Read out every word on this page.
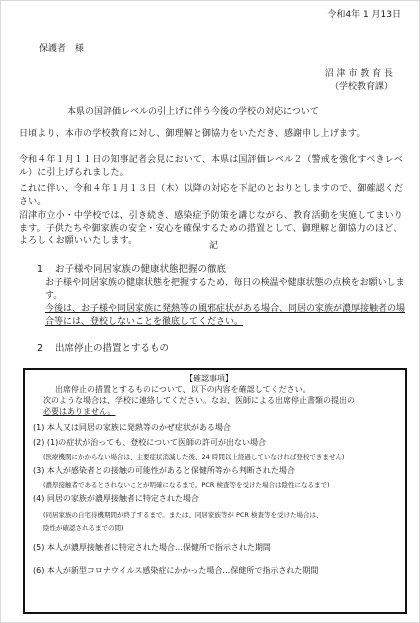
令和4年 1 月13日
保護者　様
沼 津 市 教 育 長
（学校教育課）
本県の国評価レベルの引上げに伴う今後の学校の対応について
日頃より、本市の学校教育に対し、御理解と御協力をいただき、感謝申し上げます。
令和４年１月１１日の知事記者会見において、本県は国評価レベル２（警戒を強化すべきレベル）に引上げられました。
これに伴い、令和４年１月１３日（木）以降の対応を下記のとおりとしますので、御確認ください。
沼津市立小・中学校では、引き続き、感染症予防策を講じながら、教育活動を実施してまいります。子供たちや御家族の安全・安心を確保するための措置として、御理解と御協力のほど、よろしくお願いいたします。	記
1 お子様や同居家族の健康状態把握の徹底
お子様や同居家族の健康状態を把握するため、毎日の検温や健康状態の点検をお願いします。
今後は、お子様や同居家族に発熱等の風邪症状がある場合、同居の家族が濃厚接触者の場合等には、登校しないことを徹底してください。
2 出席停止の措置とするもの
【確認事項】
出席停止の措置とするものについて、以下の内容を確認してください。
次のような場合は、学校に連絡してください。なお、医師による出席停止書類の提出の
必要はありません。
(1) 本人又は同居の家族に発熱等のかぜ症状がある場合
(2) (1)の症状が治っても、登校について医師の許可が出ない場合
(医療機関にかからない場合は、主要症状消滅した後、24 時間以上経過していなければ登校できません)
(3) 本人が感染者との接触の可能性があると保健所等から判断された場合
(濃厚接触者であるとされないことが明確になるまで。PCR 検査等を受けた場合は陰性になるまで)
(4) 同居の家族が濃厚接触者に特定された場合
(同居家族の自宅待機期間が終了するまで。または、同居家族等が PCR 検査等を受けた場合は、
陰性が確認されるまでの間)
(5) 本人が濃厚接触者に特定された場合…保健所で指示された期間
(6) 本人が新型コロナウイルス感染症にかかった場合…保健所で指示された期間
